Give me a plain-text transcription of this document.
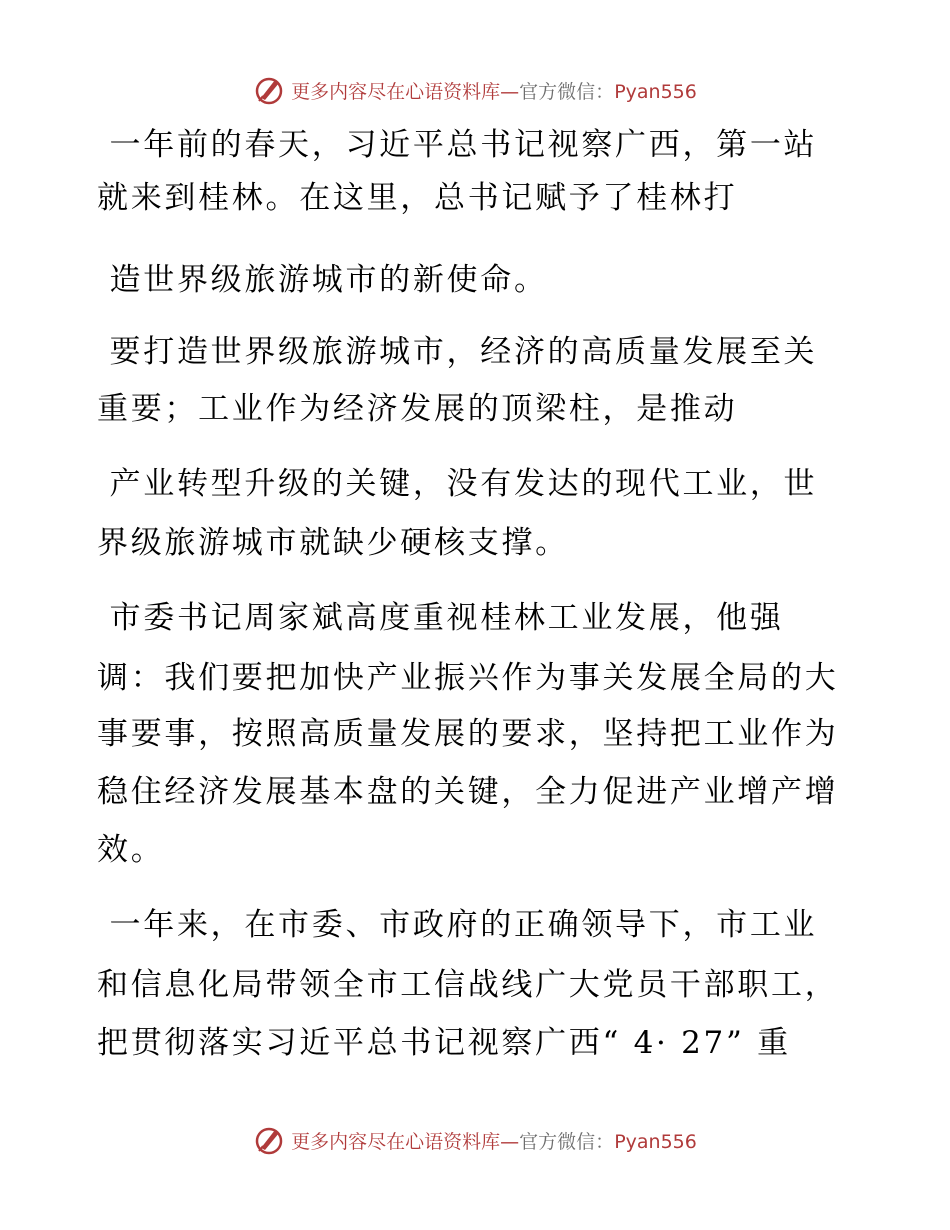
更多内容尽在心语资料库—官方微信：Pyan556
一年前的春天，习近平总书记视察广西，第一站
就来到桂林。在这里，总书记赋予了桂林打
造世界级旅游城市的新使命。
要打造世界级旅游城市，经济的高质量发展至关
重要；工业作为经济发展的顶梁柱，是推动
产业转型升级的关键，没有发达的现代工业，世
界级旅游城市就缺少硬核支撑。
市委书记周家斌高度重视桂林工业发展，他强
调：我们要把加快产业振兴作为事关发展全局的大
事要事，按照高质量发展的要求，坚持把工业作为
稳住经济发展基本盘的关键，全力促进产业增产增
效。
一年来，在市委、市政府的正确领导下，市工业
和信息化局带领全市工信战线广大党员干部职工，
把贯彻落实习近平总书记视察广西“ 4· 27” 重
更多内容尽在心语资料库—官方微信：Pyan556
